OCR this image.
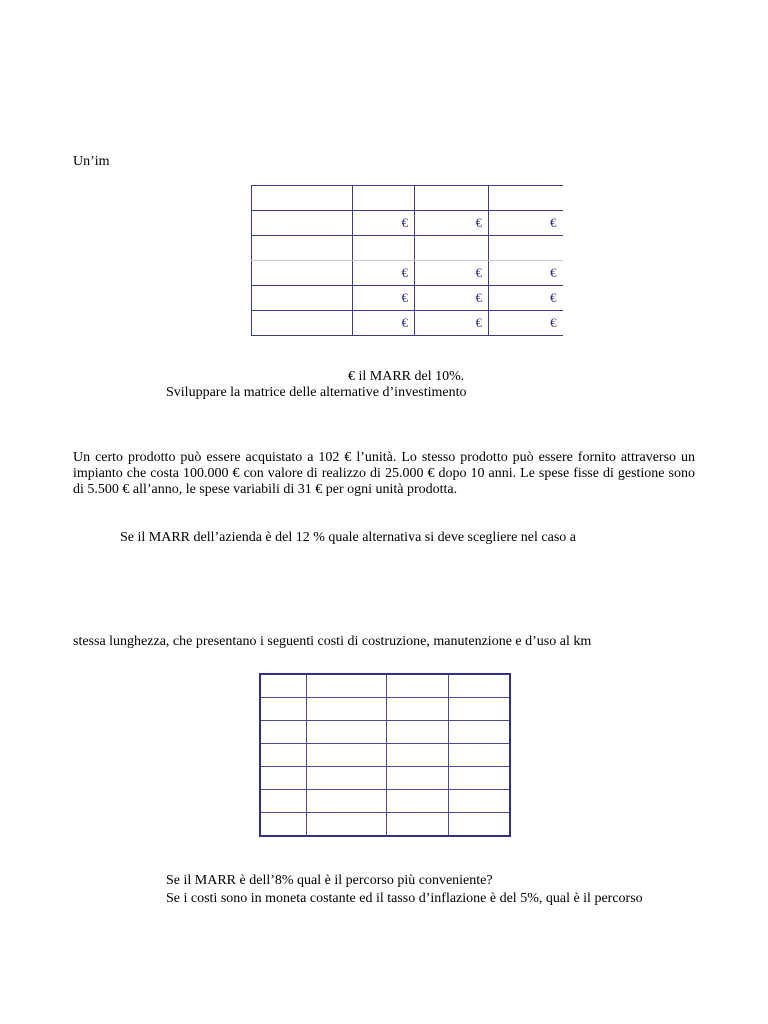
Un’im

	€	€	€

	€	€	€
	€	€	€
	€	€	€
€ il MARR del 10%.
Sviluppare la matrice delle alternative d’investimento
Un certo prodotto può essere acquistato a 102 € l’unità. Lo stesso prodotto può essere fornito attraverso un impianto che costa 100.000 € con valore di realizzo di 25.000 € dopo 10 anni. Le spese fisse di gestione sono di 5.500 € all’anno, le spese variabili di 31 € per ogni unità prodotta.
Se il MARR dell’azienda è del 12 % quale alternativa si deve scegliere nel caso a
stessa lunghezza, che presentano i seguenti costi di costruzione, manutenzione e d’uso al km

Se il MARR è dell’8% qual è il percorso più conveniente?
Se i costi sono in moneta costante ed il tasso d’inflazione è del 5%, qual è il percorso
